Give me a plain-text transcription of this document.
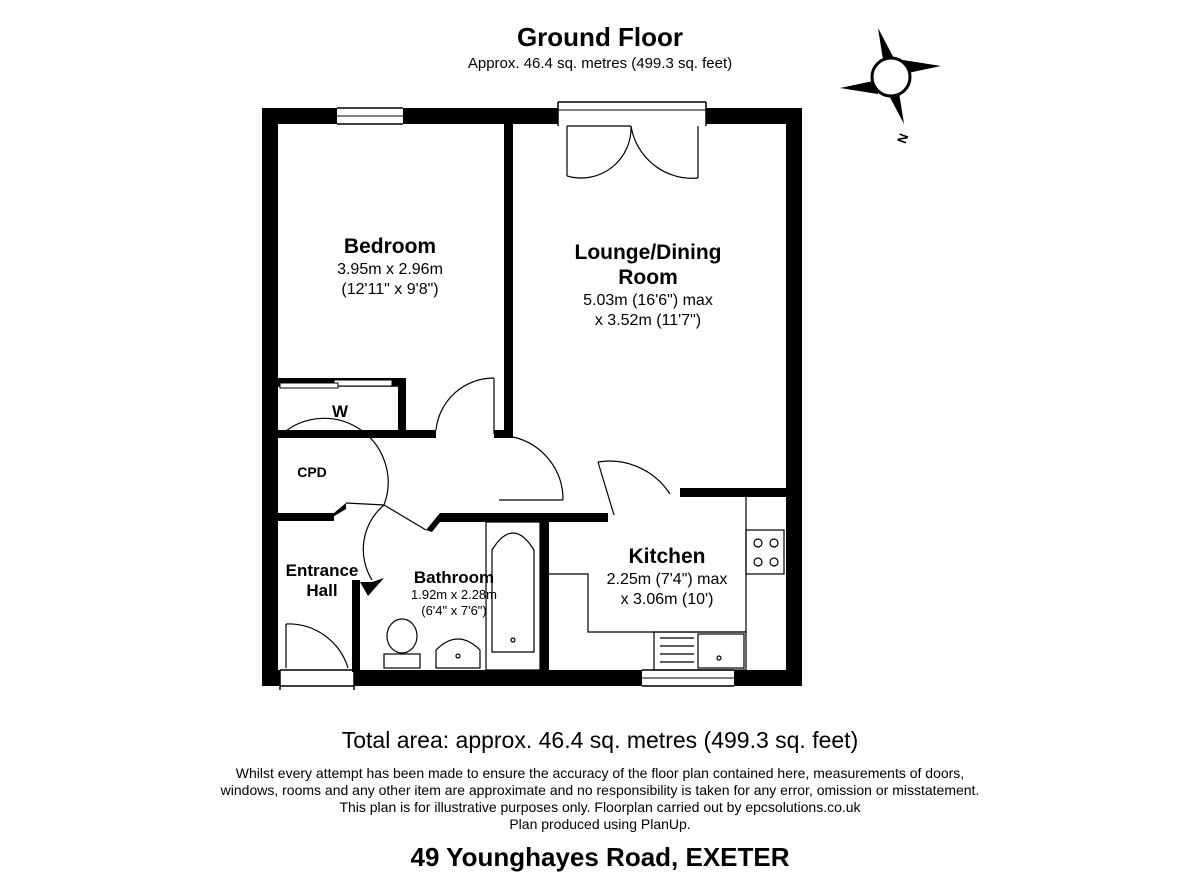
Ground Floor
Approx. 46.4 sq. metres (499.3 sq. feet)
N
Bedroom
3.95m x 2.96m
(12'11" x 9'8")
Lounge/Dining
Room
5.03m (16'6") max
x 3.52m (11'7")
W
CPD
Entrance
Hall
Bathroom
1.92m x 2.28m
(6'4" x 7'6")
Kitchen
2.25m (7'4") max
x 3.06m (10')
Total area: approx. 46.4 sq. metres (499.3 sq. feet)
Whilst every attempt has been made to ensure the accuracy of the floor plan contained here, measurements of doors, windows, rooms and any other item are approximate and no responsibility is taken for any error, omission or misstatement. This plan is for illustrative purposes only. Floorplan carried out by epcsolutions.co.uk
Plan produced using PlanUp.
49 Younghayes Road, EXETER
